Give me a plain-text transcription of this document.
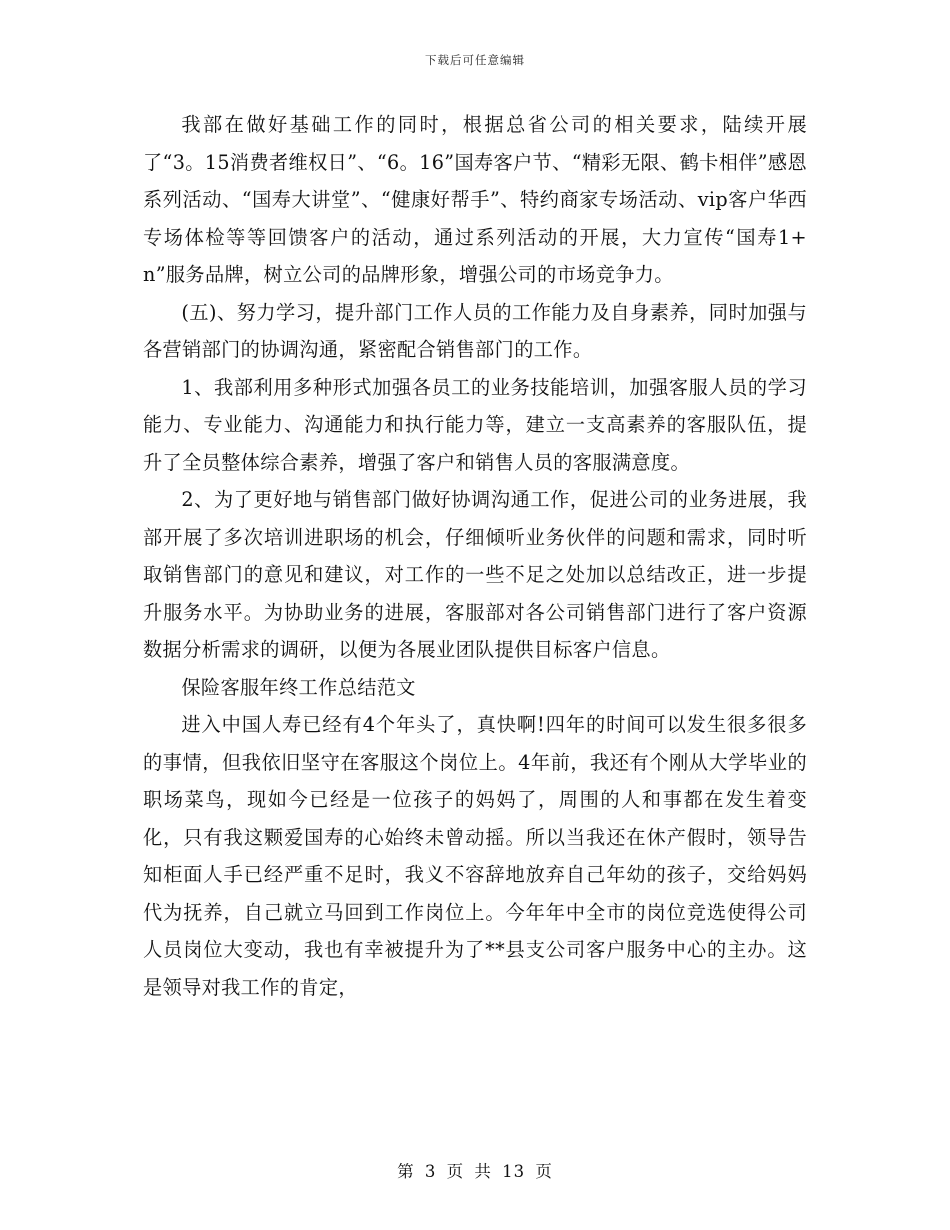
下载后可任意编辑

我部在做好基础工作的同时，根据总省公司的相关要求，陆续开展了“3。15消费者维权日”、“6。16”国寿客户节、“精彩无限、鹤卡相伴”感恩系列活动、“国寿大讲堂”、“健康好帮手”、特约商家专场活动、vip客户华西专场体检等等回馈客户的活动，通过系列活动的开展，大力宣传“国寿1+n”服务品牌，树立公司的品牌形象，增强公司的市场竞争力。

(五)、努力学习，提升部门工作人员的工作能力及自身素养，同时加强与各营销部门的协调沟通，紧密配合销售部门的工作。

1、我部利用多种形式加强各员工的业务技能培训，加强客服人员的学习能力、专业能力、沟通能力和执行能力等，建立一支高素养的客服队伍，提升了全员整体综合素养，增强了客户和销售人员的客服满意度。

2、为了更好地与销售部门做好协调沟通工作，促进公司的业务进展，我部开展了多次培训进职场的机会，仔细倾听业务伙伴的问题和需求，同时听取销售部门的意见和建议，对工作的一些不足之处加以总结改正，进一步提升服务水平。为协助业务的进展，客服部对各公司销售部门进行了客户资源数据分析需求的调研，以便为各展业团队提供目标客户信息。

保险客服年终工作总结范文

进入中国人寿已经有4个年头了，真快啊!四年的时间可以发生很多很多的事情，但我依旧坚守在客服这个岗位上。4年前，我还有个刚从大学毕业的职场菜鸟，现如今已经是一位孩子的妈妈了，周围的人和事都在发生着变化，只有我这颗爱国寿的心始终未曾动摇。所以当我还在休产假时，领导告知柜面人手已经严重不足时，我义不容辞地放弃自己年幼的孩子，交给妈妈代为抚养，自己就立马回到工作岗位上。今年年中全市的岗位竞选使得公司人员岗位大变动，我也有幸被提升为了**县支公司客户服务中心的主办。这是领导对我工作的肯定，

第 3 页 共 13 页
